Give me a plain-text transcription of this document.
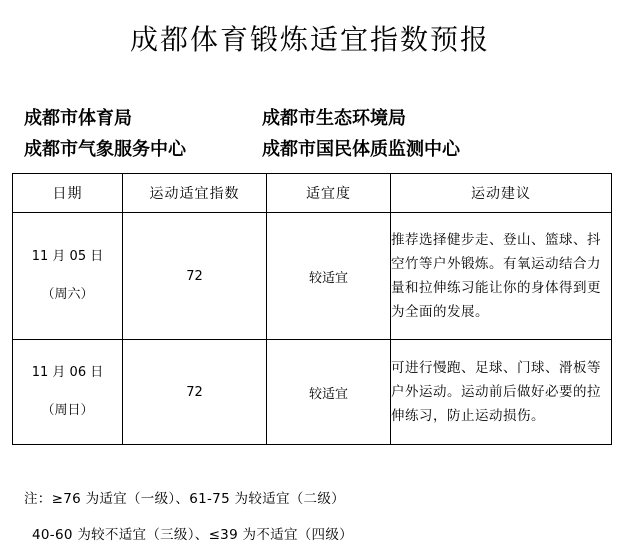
成都体育锻炼适宜指数预报
成都市体育局	成都市生态环境局
成都市气象服务中心	成都市国民体质监测中心
日期	运动适宜指数	适宜度	运动建议

11 月 05 日
（周六）	72	较适宜	推荐选择健步走、登山、篮球、抖空竹等户外锻炼。有氧运动结合力量和拉伸练习能让你的身体得到更为全面的发展。

11 月 06 日
（周日）	72	较适宜	可进行慢跑、足球、门球、滑板等户外运动。运动前后做好必要的拉伸练习，防止运动损伤。
注：≥76 为适宜（一级）、61-75 为较适宜（二级）
40-60 为较不适宜（三级）、≤39 为不适宜（四级）
